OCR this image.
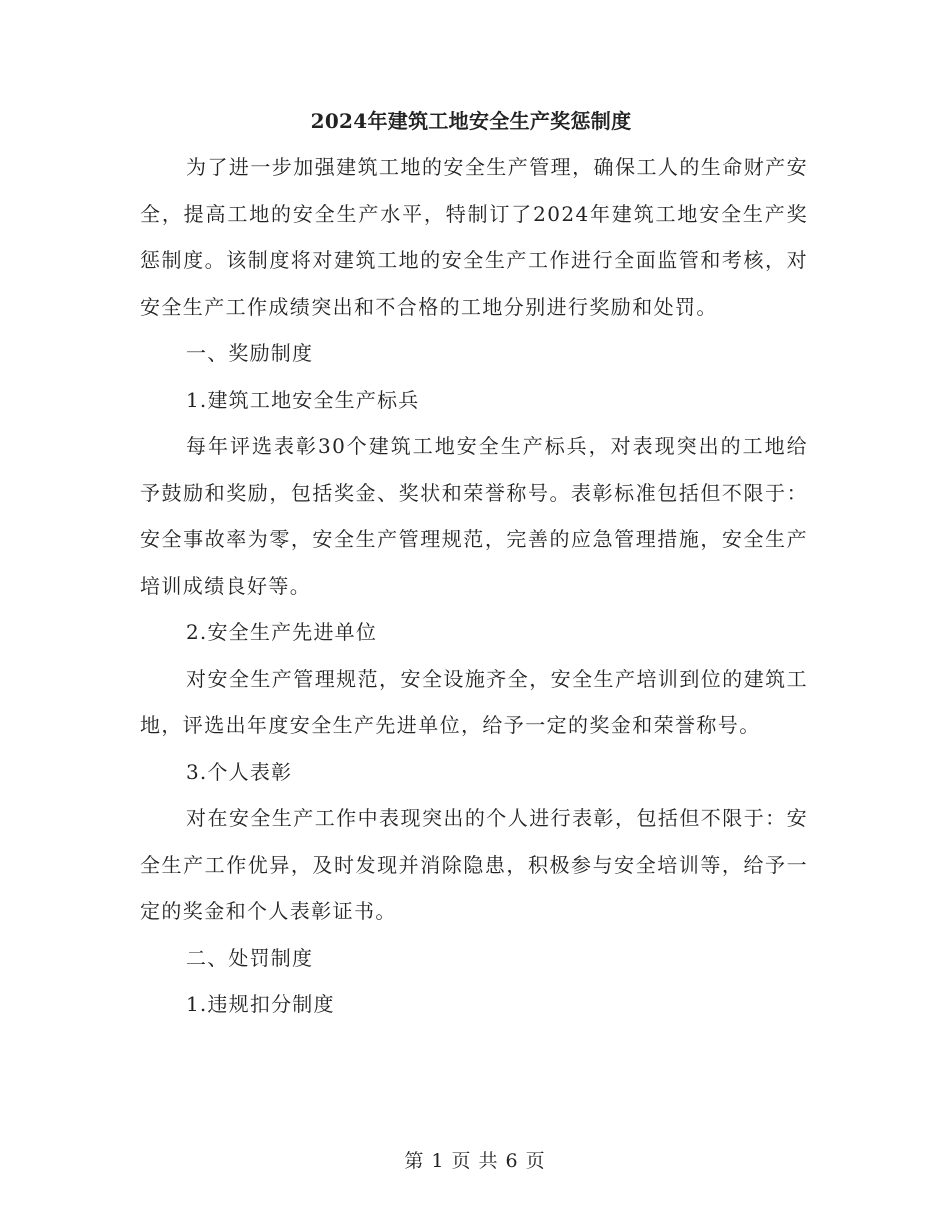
2024年建筑工地安全生产奖惩制度

为了进一步加强建筑工地的安全生产管理，确保工人的生命财产安全，提高工地的安全生产水平，特制订了2024年建筑工地安全生产奖惩制度。该制度将对建筑工地的安全生产工作进行全面监管和考核，对安全生产工作成绩突出和不合格的工地分别进行奖励和处罚。

一、奖励制度

1.建筑工地安全生产标兵

每年评选表彰30个建筑工地安全生产标兵，对表现突出的工地给予鼓励和奖励，包括奖金、奖状和荣誉称号。表彰标准包括但不限于：安全事故率为零，安全生产管理规范，完善的应急管理措施，安全生产培训成绩良好等。

2.安全生产先进单位

对安全生产管理规范，安全设施齐全，安全生产培训到位的建筑工地，评选出年度安全生产先进单位，给予一定的奖金和荣誉称号。

3.个人表彰

对在安全生产工作中表现突出的个人进行表彰，包括但不限于：安全生产工作优异，及时发现并消除隐患，积极参与安全培训等，给予一定的奖金和个人表彰证书。

二、处罚制度

1.违规扣分制度

第 1 页 共 6 页
